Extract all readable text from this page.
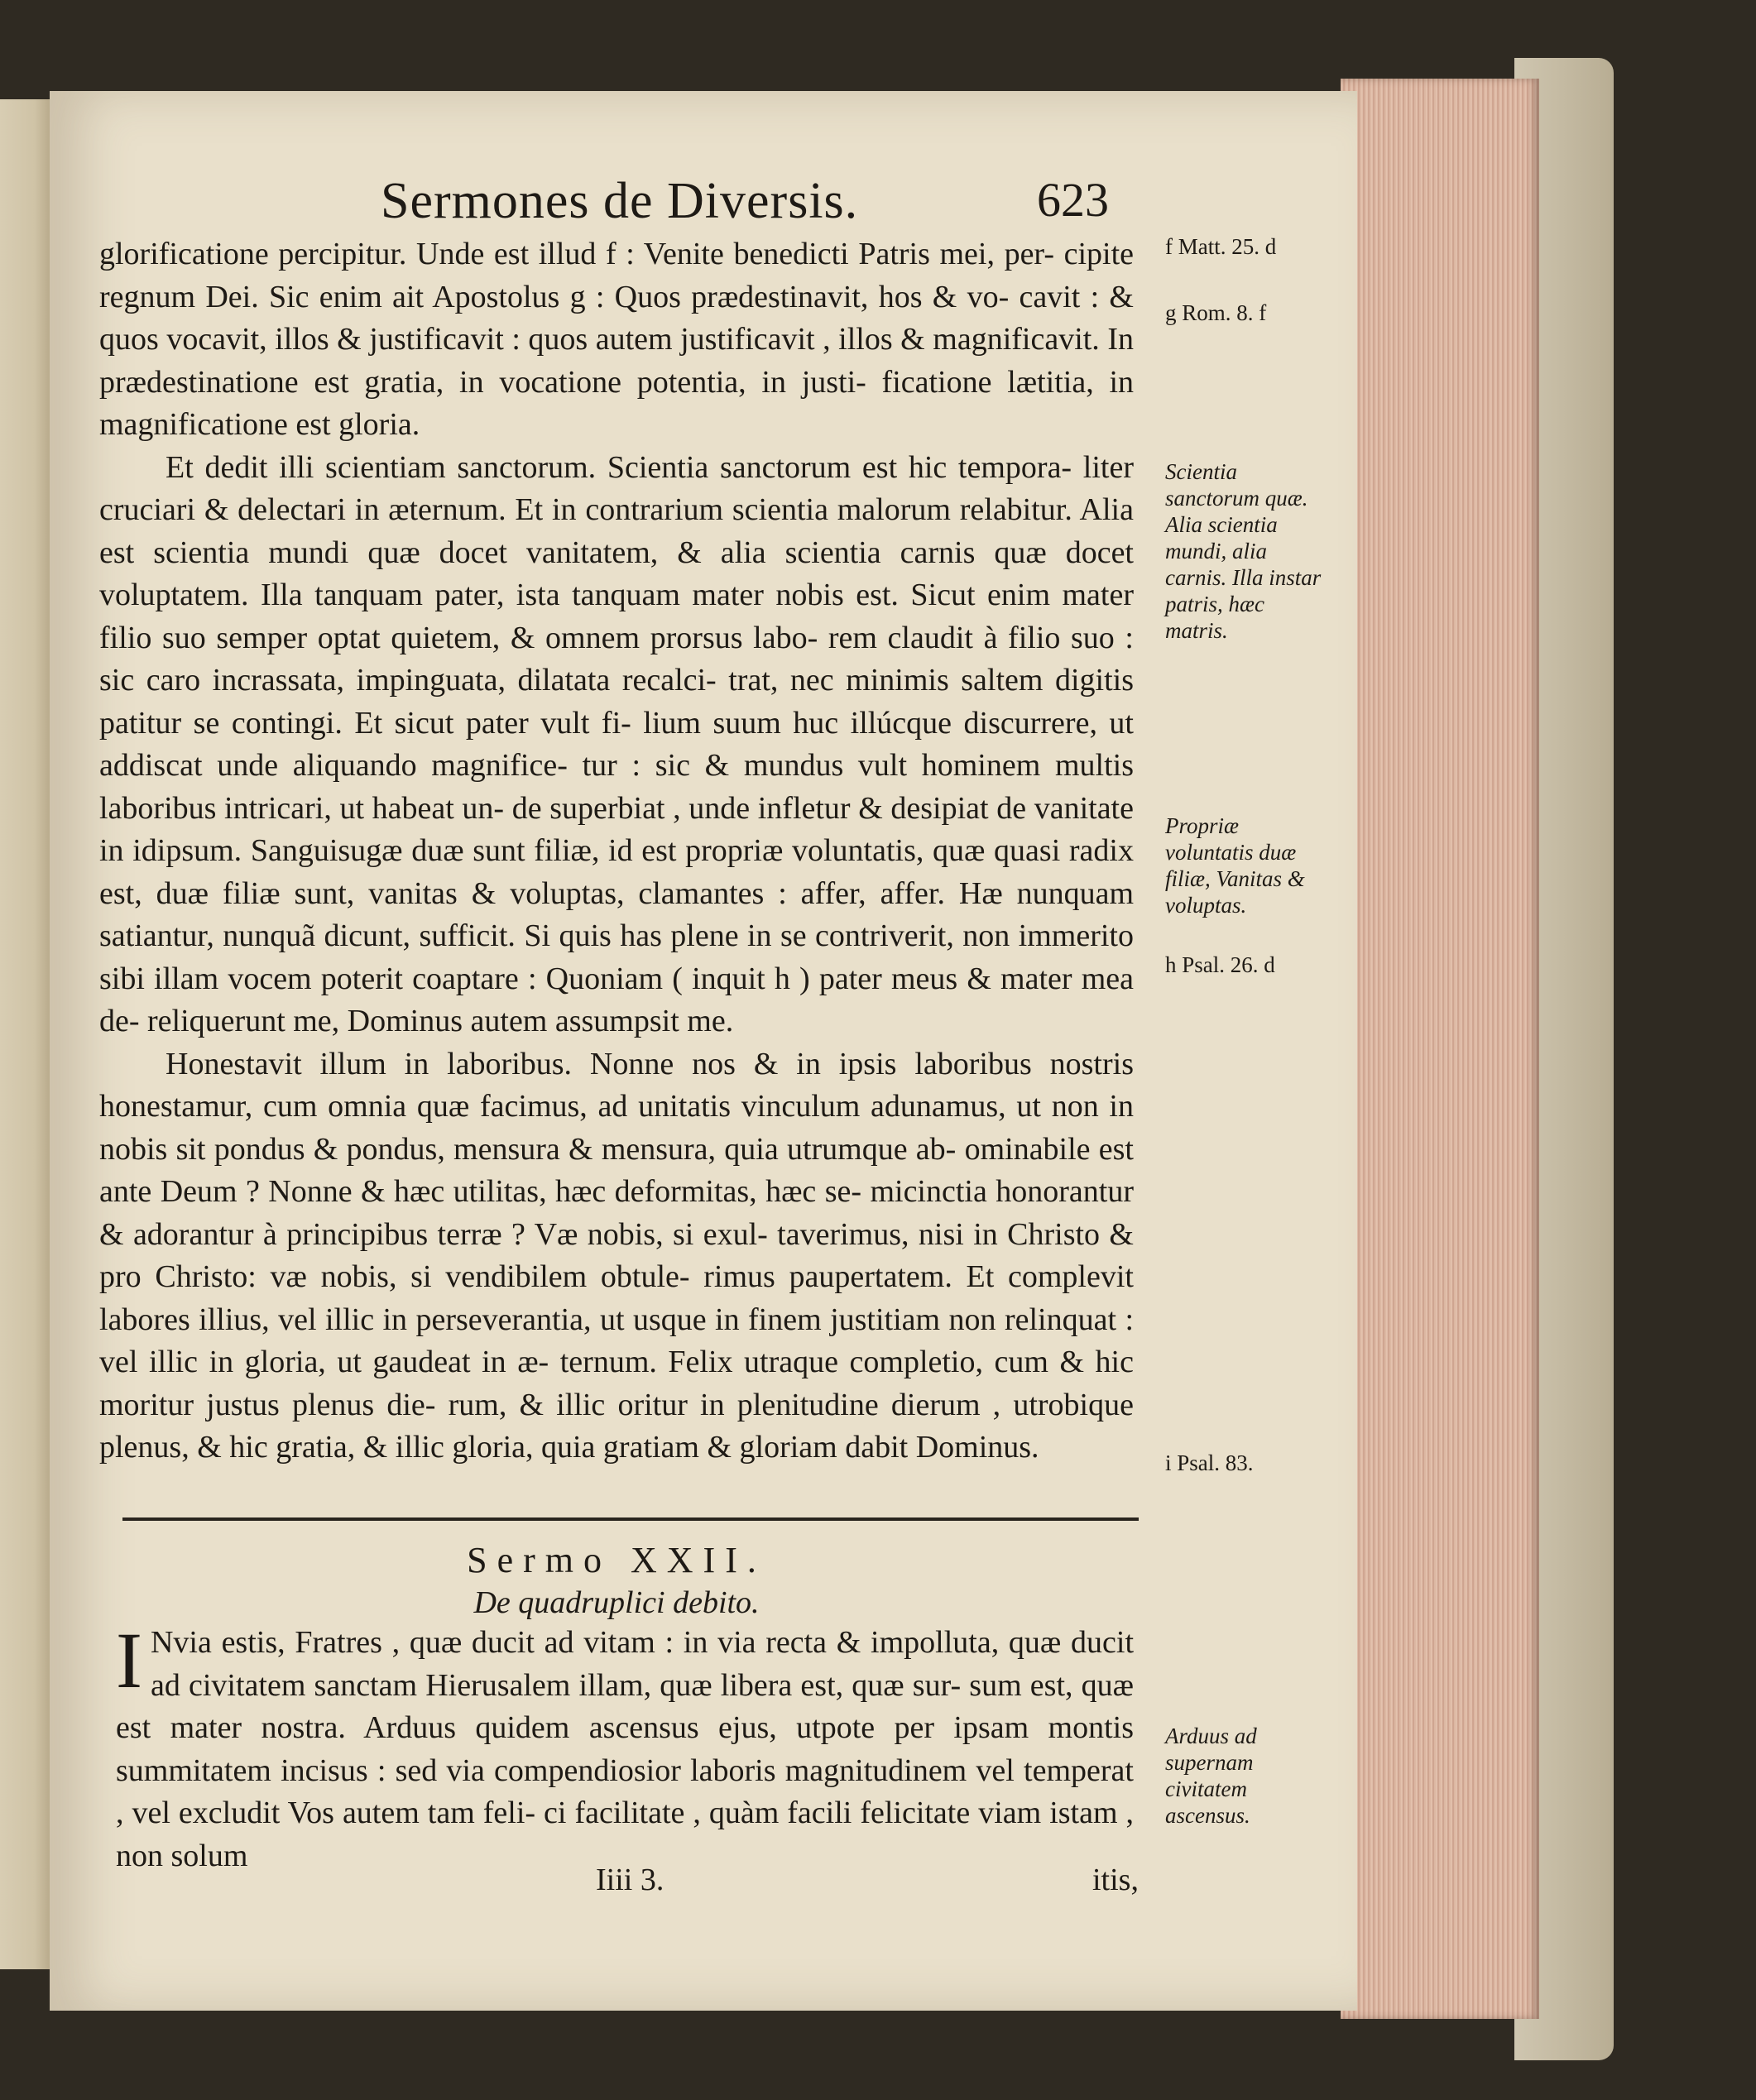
Sermones de Diversis.	623

glorificatione percipitur. Unde est illud f : Venite benedicti Patris mei, per- cipite regnum Dei. Sic enim ait Apostolus g : Quos prædestinavit, hos & vo- cavit : & quos vocavit, illos & justificavit : quos autem justificavit , illos & magnificavit. In prædestinatione est gratia, in vocatione potentia, in justi- ficatione lætitia, in magnificatione est gloria.

Et dedit illi scientiam sanctorum. Scientia sanctorum est hic tempora- liter cruciari & delectari in æternum. Et in contrarium scientia malorum relabitur. Alia est scientia mundi quæ docet vanitatem, & alia scientia carnis quæ docet voluptatem. Illa tanquam pater, ista tanquam mater nobis est. Sicut enim mater filio suo semper optat quietem, & omnem prorsus labo- rem claudit à filio suo : sic caro incrassata, impinguata, dilatata recalci- trat, nec minimis saltem digitis patitur se contingi. Et sicut pater vult fi- lium suum huc illúcque discurrere, ut addiscat unde aliquando magnifice- tur : sic & mundus vult hominem multis laboribus intricari, ut habeat un- de superbiat , unde infletur & desipiat de vanitate in idipsum. Sanguisugæ duæ sunt filiæ, id est propriæ voluntatis, quæ quasi radix est, duæ filiæ sunt, vanitas & voluptas, clamantes : affer, affer. Hæ nunquam satiantur, nunquã dicunt, sufficit. Si quis has plene in se contriverit, non immerito sibi illam vocem poterit coaptare : Quoniam ( inquit h ) pater meus & mater mea de- reliquerunt me, Dominus autem assumpsit me.

Honestavit illum in laboribus. Nonne nos & in ipsis laboribus nostris honestamur, cum omnia quæ facimus, ad unitatis vinculum adunamus, ut non in nobis sit pondus & pondus, mensura & mensura, quia utrumque ab- ominabile est ante Deum ? Nonne & hæc utilitas, hæc deformitas, hæc se- micinctia honorantur & adorantur à principibus terræ ? Væ nobis, si exul- taverimus, nisi in Christo & pro Christo: væ nobis, si vendibilem obtule- rimus paupertatem. Et complevit labores illius, vel illic in perseverantia, ut usque in finem justitiam non relinquat : vel illic in gloria, ut gaudeat in æ- ternum. Felix utraque completio, cum & hic moritur justus plenus die- rum, & illic oritur in plenitudine dierum , utrobique plenus, & hic gratia, & illic gloria, quia gratiam & gloriam dabit Dominus.

Sermo XXII.
De quadruplici debito.
I Nvia estis, Fratres , quæ ducit ad vitam : in via recta & impolluta, quæ ducit ad civitatem sanctam Hierusalem illam, quæ libera est, quæ sur- sum est, quæ est mater nostra. Arduus quidem ascensus ejus, utpote per ipsam montis summitatem incisus : sed via compendiosior laboris magnitudinem vel temperat , vel excludit Vos autem tam feli- ci facilitate , quàm facili felicitate viam istam , non solum
Iiii 3.	itis,
f Matt. 25. d
g Rom. 8. f
Scientia sanctorum quæ. Alia scientia mundi, alia carnis. Illa instar patris, hæc matris.
Propriæ voluntatis duæ filiæ, Vanitas & voluptas.
h Psal. 26. d
i Psal. 83.
Arduus ad supernam civitatem ascensus.
